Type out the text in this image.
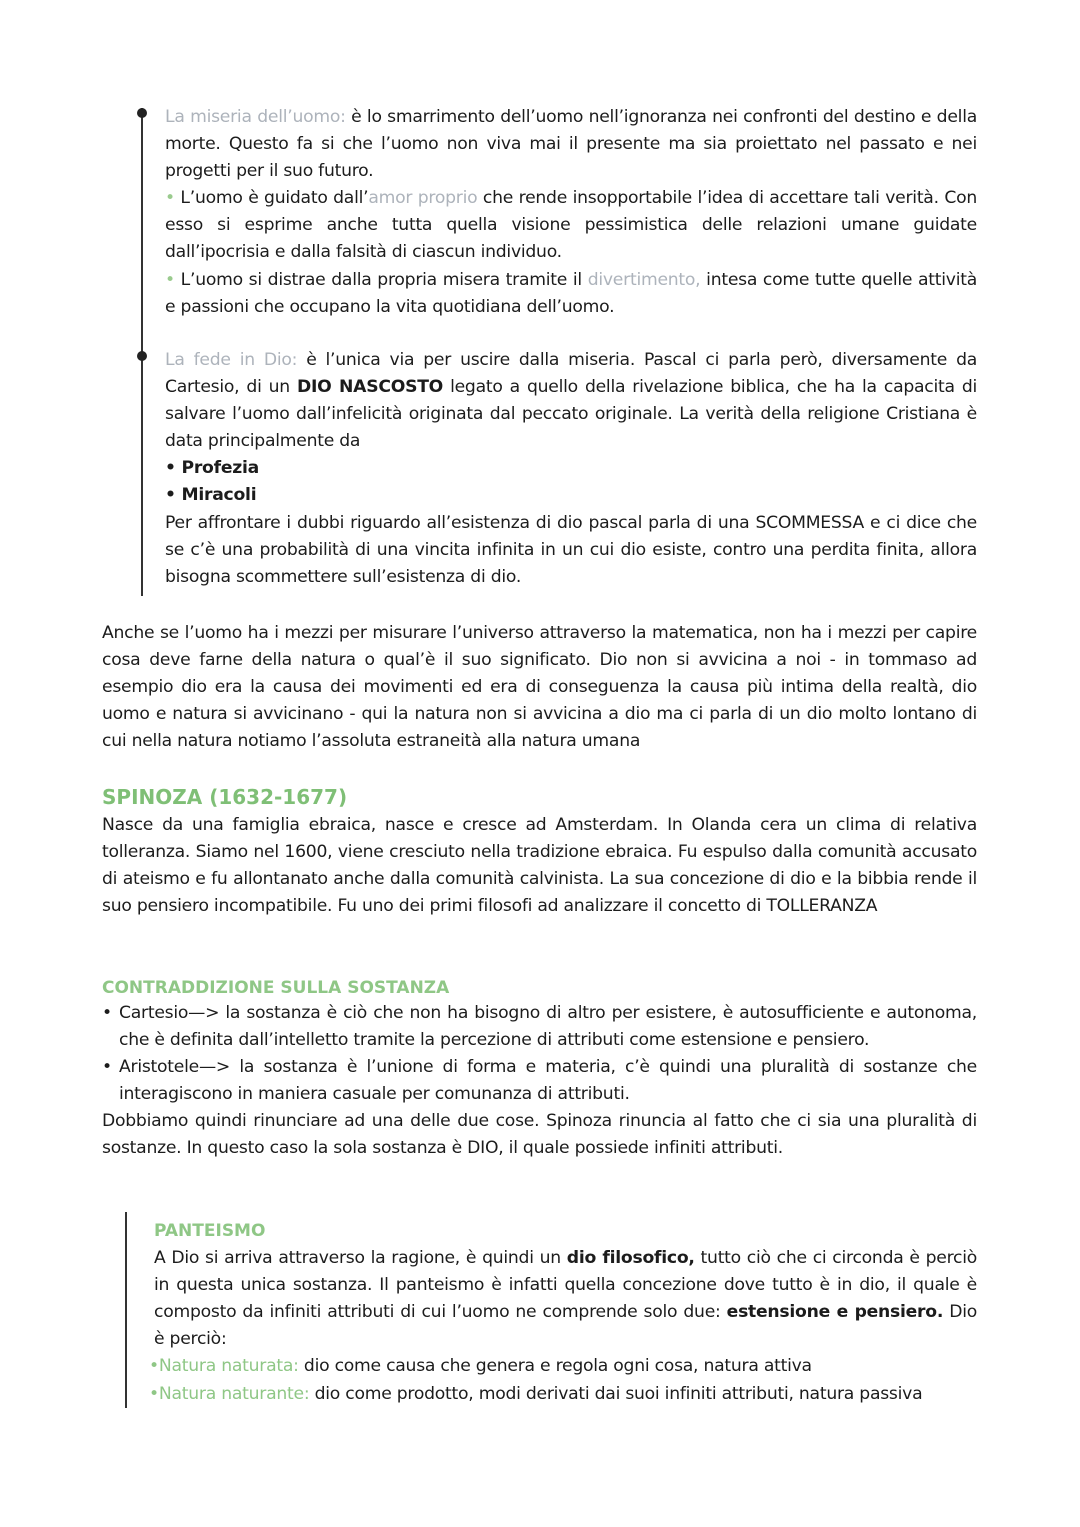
La miseria dell’uomo: è lo smarrimento dell’uomo nell’ignoranza nei confronti del destino e della morte. Questo fa si che l’uomo non viva mai il presente ma sia proiettato nel passato e nei progetti per il suo futuro.

• L’uomo è guidato dall’amor proprio che rende insopportabile l’idea di accettare tali verità. Con esso si esprime anche tutta quella visione pessimistica delle relazioni umane guidate dall’ipocrisia e dalla falsità di ciascun individuo.

• L’uomo si distrae dalla propria misera tramite il divertimento, intesa come tutte quelle attività e passioni che occupano la vita quotidiana dell’uomo.

La fede in Dio: è l’unica via per uscire dalla miseria. Pascal ci parla però, diversamente da Cartesio, di un DIO NASCOSTO legato a quello della rivelazione biblica, che ha la capacita di salvare l’uomo dall’infelicità originata dal peccato originale. La verità della religione Cristiana è data principalmente da

• Profezia

• Miracoli

Per affrontare i dubbi riguardo all’esistenza di dio pascal parla di una SCOMMESSA e ci dice che se c’è una probabilità di una vincita infinita in un cui dio esiste, contro una perdita finita, allora bisogna scommettere sull’esistenza di dio.

Anche se l’uomo ha i mezzi per misurare l’universo attraverso la matematica, non ha i mezzi per capire cosa deve farne della natura o qual’è il suo significato. Dio non si avvicina a noi - in tommaso ad esempio dio era la causa dei movimenti ed era di conseguenza la causa più intima della realtà, dio uomo e natura si avvicinano - qui la natura non si avvicina a dio ma ci parla di un dio molto lontano di cui nella natura notiamo l’assoluta estraneità alla natura umana

SPINOZA (1632-1677)

Nasce da una famiglia ebraica, nasce e cresce ad Amsterdam. In Olanda cera un clima di relativa tolleranza. Siamo nel 1600, viene cresciuto nella tradizione ebraica. Fu espulso dalla comunità accusato di ateismo e fu allontanato anche dalla comunità calvinista. La sua concezione di dio e la bibbia rende il suo pensiero incompatibile. Fu uno dei primi filosofi ad analizzare il concetto di TOLLERANZA

CONTRADDIZIONE SULLA SOSTANZA
• Cartesio—> la sostanza è ciò che non ha bisogno di altro per esistere, è autosufficiente e autonoma, che è definita dall’intelletto tramite la percezione di attributi come estensione e pensiero.
• Aristotele—> la sostanza è l’unione di forma e materia, c’è quindi una pluralità di sostanze che interagiscono in maniera casuale per comunanza di attributi.

Dobbiamo quindi rinunciare ad una delle due cose. Spinoza rinuncia al fatto che ci sia una pluralità di sostanze. In questo caso la sola sostanza è DIO, il quale possiede infiniti attributi.

PANTEISMO

A Dio si arriva attraverso la ragione, è quindi un dio filosofico, tutto ciò che ci circonda è perciò in questa unica sostanza. Il panteismo è infatti quella concezione dove tutto è in dio, il quale è composto da infiniti attributi di cui l’uomo ne comprende solo due: estensione e pensiero. Dio è perciò:

•Natura naturata: dio come causa che genera e regola ogni cosa, natura attiva

•Natura naturante: dio come prodotto, modi derivati dai suoi infiniti attributi, natura passiva
